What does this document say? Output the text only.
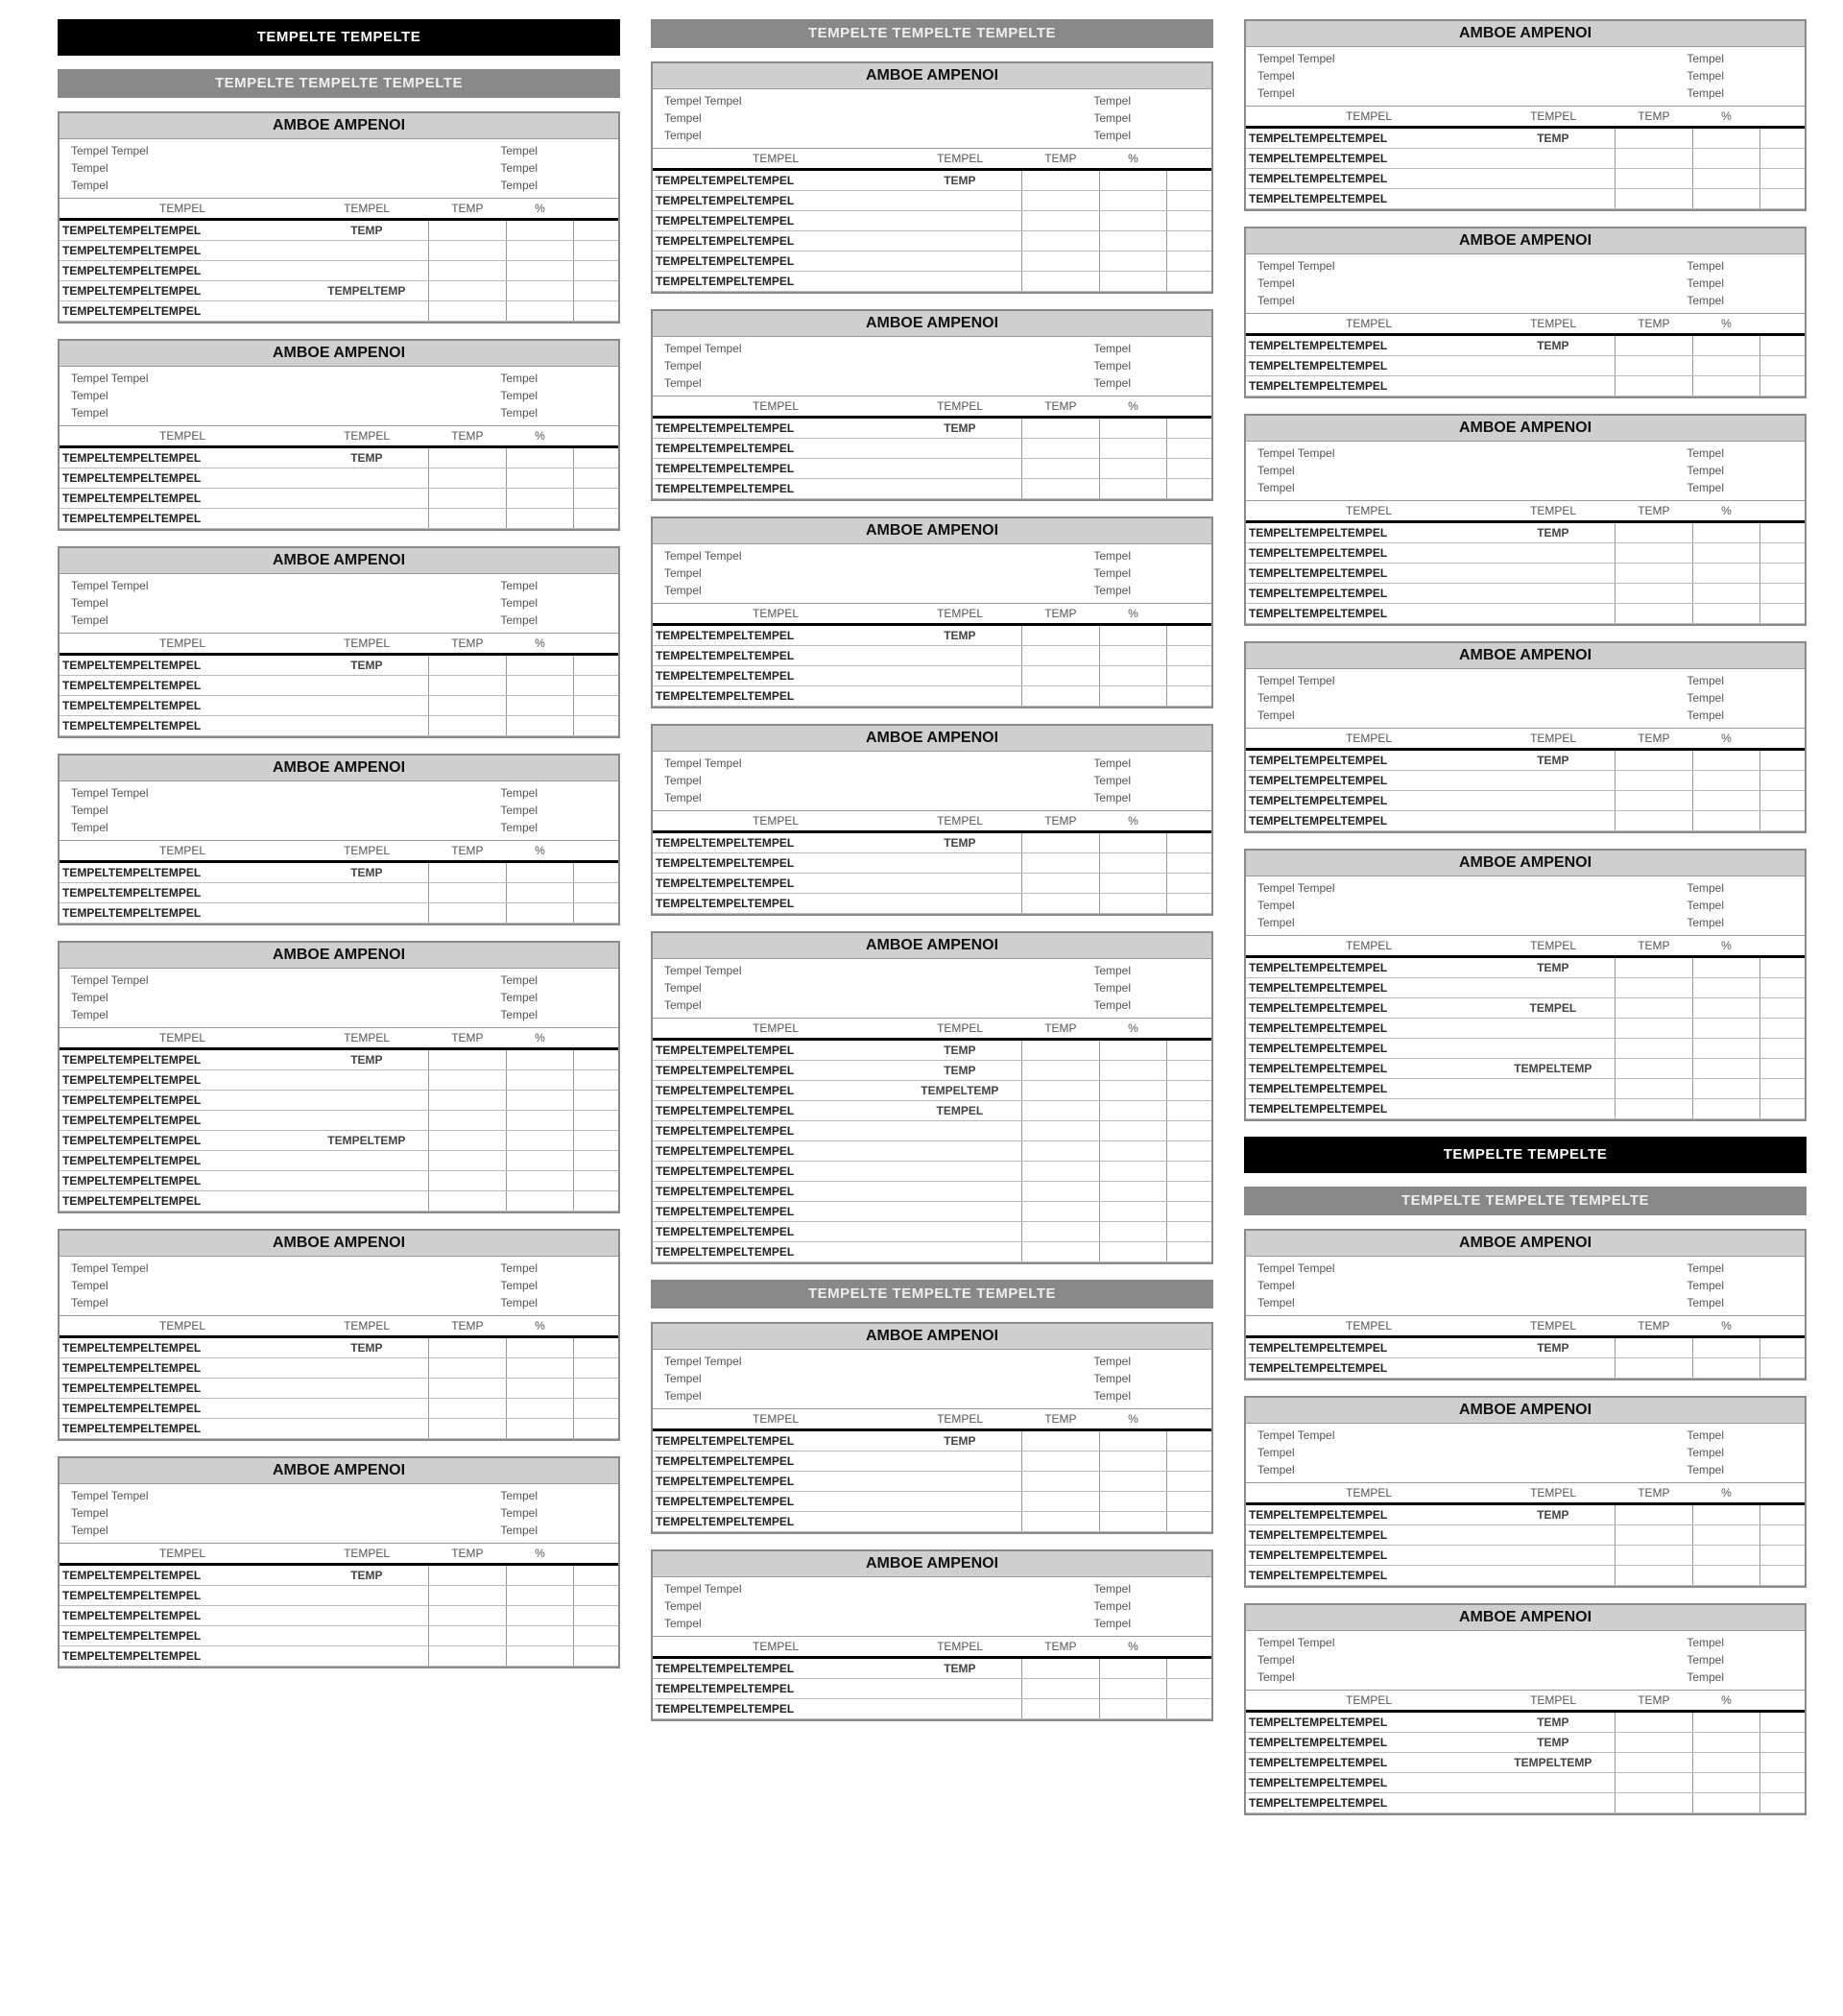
TEMPELTE TEMPELTE
TEMPELTE TEMPELTE TEMPELTE
AMBOE AMPENOI
Tempel Tempel	Tempel
Tempel	Tempel
Tempel	Tempel
TEMPEL	TEMPEL	TEMP	%	
TEMPELTEMPELTEMPEL	TEMP			
TEMPELTEMPELTEMPEL				
TEMPELTEMPELTEMPEL				
TEMPELTEMPELTEMPEL	TEMPELTEMP			
TEMPELTEMPELTEMPEL				
AMBOE AMPENOI
Tempel Tempel	Tempel
Tempel	Tempel
Tempel	Tempel
TEMPEL	TEMPEL	TEMP	%	
TEMPELTEMPELTEMPEL	TEMP			
TEMPELTEMPELTEMPEL				
TEMPELTEMPELTEMPEL				
TEMPELTEMPELTEMPEL				
AMBOE AMPENOI
Tempel Tempel	Tempel
Tempel	Tempel
Tempel	Tempel
TEMPEL	TEMPEL	TEMP	%	
TEMPELTEMPELTEMPEL	TEMP			
TEMPELTEMPELTEMPEL				
TEMPELTEMPELTEMPEL				
TEMPELTEMPELTEMPEL				
AMBOE AMPENOI
Tempel Tempel	Tempel
Tempel	Tempel
Tempel	Tempel
TEMPEL	TEMPEL	TEMP	%	
TEMPELTEMPELTEMPEL	TEMP			
TEMPELTEMPELTEMPEL				
TEMPELTEMPELTEMPEL				
AMBOE AMPENOI
Tempel Tempel	Tempel
Tempel	Tempel
Tempel	Tempel
TEMPEL	TEMPEL	TEMP	%	
TEMPELTEMPELTEMPEL	TEMP			
TEMPELTEMPELTEMPEL				
TEMPELTEMPELTEMPEL				
TEMPELTEMPELTEMPEL				
TEMPELTEMPELTEMPEL	TEMPELTEMP			
TEMPELTEMPELTEMPEL				
TEMPELTEMPELTEMPEL				
TEMPELTEMPELTEMPEL				
AMBOE AMPENOI
Tempel Tempel	Tempel
Tempel	Tempel
Tempel	Tempel
TEMPEL	TEMPEL	TEMP	%	
TEMPELTEMPELTEMPEL	TEMP			
TEMPELTEMPELTEMPEL				
TEMPELTEMPELTEMPEL				
TEMPELTEMPELTEMPEL				
TEMPELTEMPELTEMPEL				
AMBOE AMPENOI
Tempel Tempel	Tempel
Tempel	Tempel
Tempel	Tempel
TEMPEL	TEMPEL	TEMP	%	
TEMPELTEMPELTEMPEL	TEMP			
TEMPELTEMPELTEMPEL				
TEMPELTEMPELTEMPEL				
TEMPELTEMPELTEMPEL				
TEMPELTEMPELTEMPEL				
TEMPELTE TEMPELTE TEMPELTE
AMBOE AMPENOI
Tempel Tempel	Tempel
Tempel	Tempel
Tempel	Tempel
TEMPEL	TEMPEL	TEMP	%	
TEMPELTEMPELTEMPEL	TEMP			
TEMPELTEMPELTEMPEL				
TEMPELTEMPELTEMPEL				
TEMPELTEMPELTEMPEL				
TEMPELTEMPELTEMPEL				
TEMPELTEMPELTEMPEL				
AMBOE AMPENOI
Tempel Tempel	Tempel
Tempel	Tempel
Tempel	Tempel
TEMPEL	TEMPEL	TEMP	%	
TEMPELTEMPELTEMPEL	TEMP			
TEMPELTEMPELTEMPEL				
TEMPELTEMPELTEMPEL				
TEMPELTEMPELTEMPEL				
AMBOE AMPENOI
Tempel Tempel	Tempel
Tempel	Tempel
Tempel	Tempel
TEMPEL	TEMPEL	TEMP	%	
TEMPELTEMPELTEMPEL	TEMP			
TEMPELTEMPELTEMPEL				
TEMPELTEMPELTEMPEL				
TEMPELTEMPELTEMPEL				
AMBOE AMPENOI
Tempel Tempel	Tempel
Tempel	Tempel
Tempel	Tempel
TEMPEL	TEMPEL	TEMP	%	
TEMPELTEMPELTEMPEL	TEMP			
TEMPELTEMPELTEMPEL				
TEMPELTEMPELTEMPEL				
TEMPELTEMPELTEMPEL				
AMBOE AMPENOI
Tempel Tempel	Tempel
Tempel	Tempel
Tempel	Tempel
TEMPEL	TEMPEL	TEMP	%	
TEMPELTEMPELTEMPEL	TEMP			
TEMPELTEMPELTEMPEL	TEMP			
TEMPELTEMPELTEMPEL	TEMPELTEMP			
TEMPELTEMPELTEMPEL	TEMPEL			
TEMPELTEMPELTEMPEL				
TEMPELTEMPELTEMPEL				
TEMPELTEMPELTEMPEL				
TEMPELTEMPELTEMPEL				
TEMPELTEMPELTEMPEL				
TEMPELTEMPELTEMPEL				
TEMPELTEMPELTEMPEL				
TEMPELTE TEMPELTE TEMPELTE
AMBOE AMPENOI
Tempel Tempel	Tempel
Tempel	Tempel
Tempel	Tempel
TEMPEL	TEMPEL	TEMP	%	
TEMPELTEMPELTEMPEL	TEMP			
TEMPELTEMPELTEMPEL				
TEMPELTEMPELTEMPEL				
TEMPELTEMPELTEMPEL				
TEMPELTEMPELTEMPEL				
AMBOE AMPENOI
Tempel Tempel	Tempel
Tempel	Tempel
Tempel	Tempel
TEMPEL	TEMPEL	TEMP	%	
TEMPELTEMPELTEMPEL	TEMP			
TEMPELTEMPELTEMPEL				
TEMPELTEMPELTEMPEL				
AMBOE AMPENOI
Tempel Tempel	Tempel
Tempel	Tempel
Tempel	Tempel
TEMPEL	TEMPEL	TEMP	%	
TEMPELTEMPELTEMPEL	TEMP			
TEMPELTEMPELTEMPEL				
TEMPELTEMPELTEMPEL				
TEMPELTEMPELTEMPEL				
AMBOE AMPENOI
Tempel Tempel	Tempel
Tempel	Tempel
Tempel	Tempel
TEMPEL	TEMPEL	TEMP	%	
TEMPELTEMPELTEMPEL	TEMP			
TEMPELTEMPELTEMPEL				
TEMPELTEMPELTEMPEL				
AMBOE AMPENOI
Tempel Tempel	Tempel
Tempel	Tempel
Tempel	Tempel
TEMPEL	TEMPEL	TEMP	%	
TEMPELTEMPELTEMPEL	TEMP			
TEMPELTEMPELTEMPEL				
TEMPELTEMPELTEMPEL				
TEMPELTEMPELTEMPEL				
TEMPELTEMPELTEMPEL				
AMBOE AMPENOI
Tempel Tempel	Tempel
Tempel	Tempel
Tempel	Tempel
TEMPEL	TEMPEL	TEMP	%	
TEMPELTEMPELTEMPEL	TEMP			
TEMPELTEMPELTEMPEL				
TEMPELTEMPELTEMPEL				
TEMPELTEMPELTEMPEL				
AMBOE AMPENOI
Tempel Tempel	Tempel
Tempel	Tempel
Tempel	Tempel
TEMPEL	TEMPEL	TEMP	%	
TEMPELTEMPELTEMPEL	TEMP			
TEMPELTEMPELTEMPEL				
TEMPELTEMPELTEMPEL	TEMPEL			
TEMPELTEMPELTEMPEL				
TEMPELTEMPELTEMPEL				
TEMPELTEMPELTEMPEL	TEMPELTEMP			
TEMPELTEMPELTEMPEL				
TEMPELTEMPELTEMPEL				
TEMPELTE TEMPELTE
TEMPELTE TEMPELTE TEMPELTE
AMBOE AMPENOI
Tempel Tempel	Tempel
Tempel	Tempel
Tempel	Tempel
TEMPEL	TEMPEL	TEMP	%	
TEMPELTEMPELTEMPEL	TEMP			
TEMPELTEMPELTEMPEL				
AMBOE AMPENOI
Tempel Tempel	Tempel
Tempel	Tempel
Tempel	Tempel
TEMPEL	TEMPEL	TEMP	%	
TEMPELTEMPELTEMPEL	TEMP			
TEMPELTEMPELTEMPEL				
TEMPELTEMPELTEMPEL				
TEMPELTEMPELTEMPEL				
AMBOE AMPENOI
Tempel Tempel	Tempel
Tempel	Tempel
Tempel	Tempel
TEMPEL	TEMPEL	TEMP	%	
TEMPELTEMPELTEMPEL	TEMP			
TEMPELTEMPELTEMPEL	TEMP			
TEMPELTEMPELTEMPEL	TEMPELTEMP			
TEMPELTEMPELTEMPEL				
TEMPELTEMPELTEMPEL				
